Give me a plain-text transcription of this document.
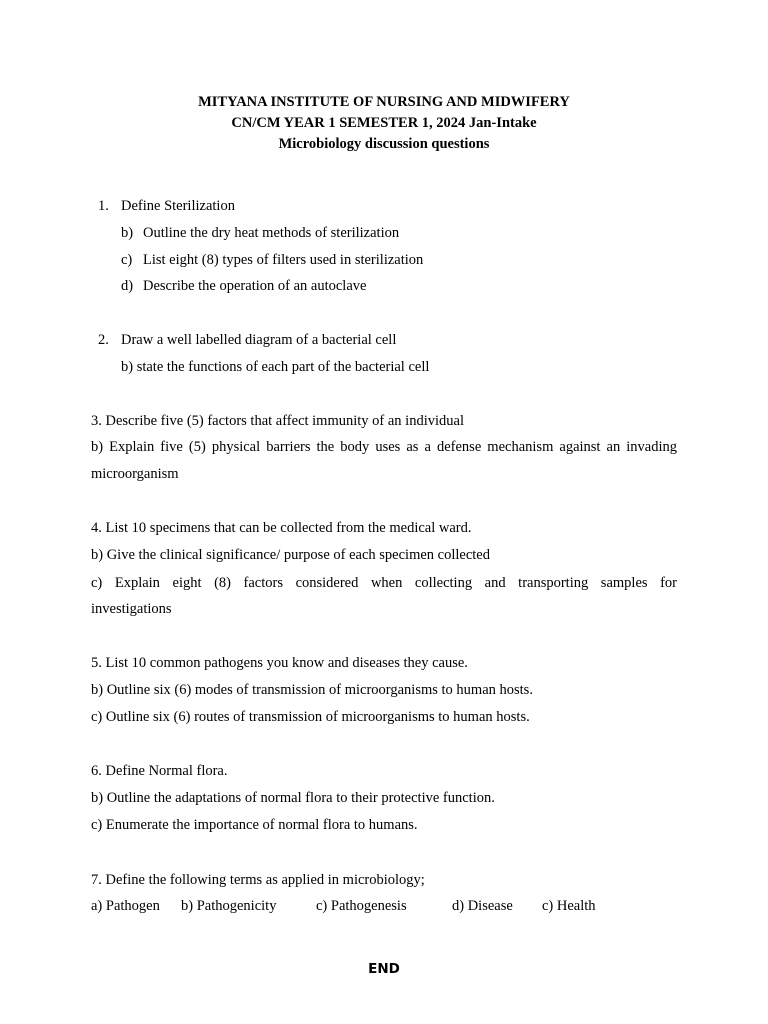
MITYANA INSTITUTE OF NURSING AND MIDWIFERY
CN/CM YEAR 1 SEMESTER 1, 2024 Jan-Intake
Microbiology discussion questions
1. Define Sterilization
b) Outline the dry heat methods of sterilization
c) List eight (8) types of filters used in sterilization
d) Describe the operation of an autoclave
2. Draw a well labelled diagram of a bacterial cell
b) state the functions of each part of the bacterial cell
3. Describe five (5) factors that affect immunity of an individual
b) Explain five (5) physical barriers the body uses as a defense mechanism against an invading
microorganism
4. List 10 specimens that can be collected from the medical ward.
b) Give the clinical significance/ purpose of each specimen collected
c) Explain eight (8) factors considered when collecting and transporting samples for
investigations
5. List 10 common pathogens you know and diseases they cause.
b) Outline six (6) modes of transmission of microorganisms to human hosts.
c) Outline six (6) routes of transmission of microorganisms to human hosts.
6. Define Normal flora.
b) Outline the adaptations of normal flora to their protective function.
c) Enumerate the importance of normal flora to humans.
7. Define the following terms as applied in microbiology;
a) Pathogen b) Pathogenicity	c) Pathogenesis	d) Disease c) Health
END
